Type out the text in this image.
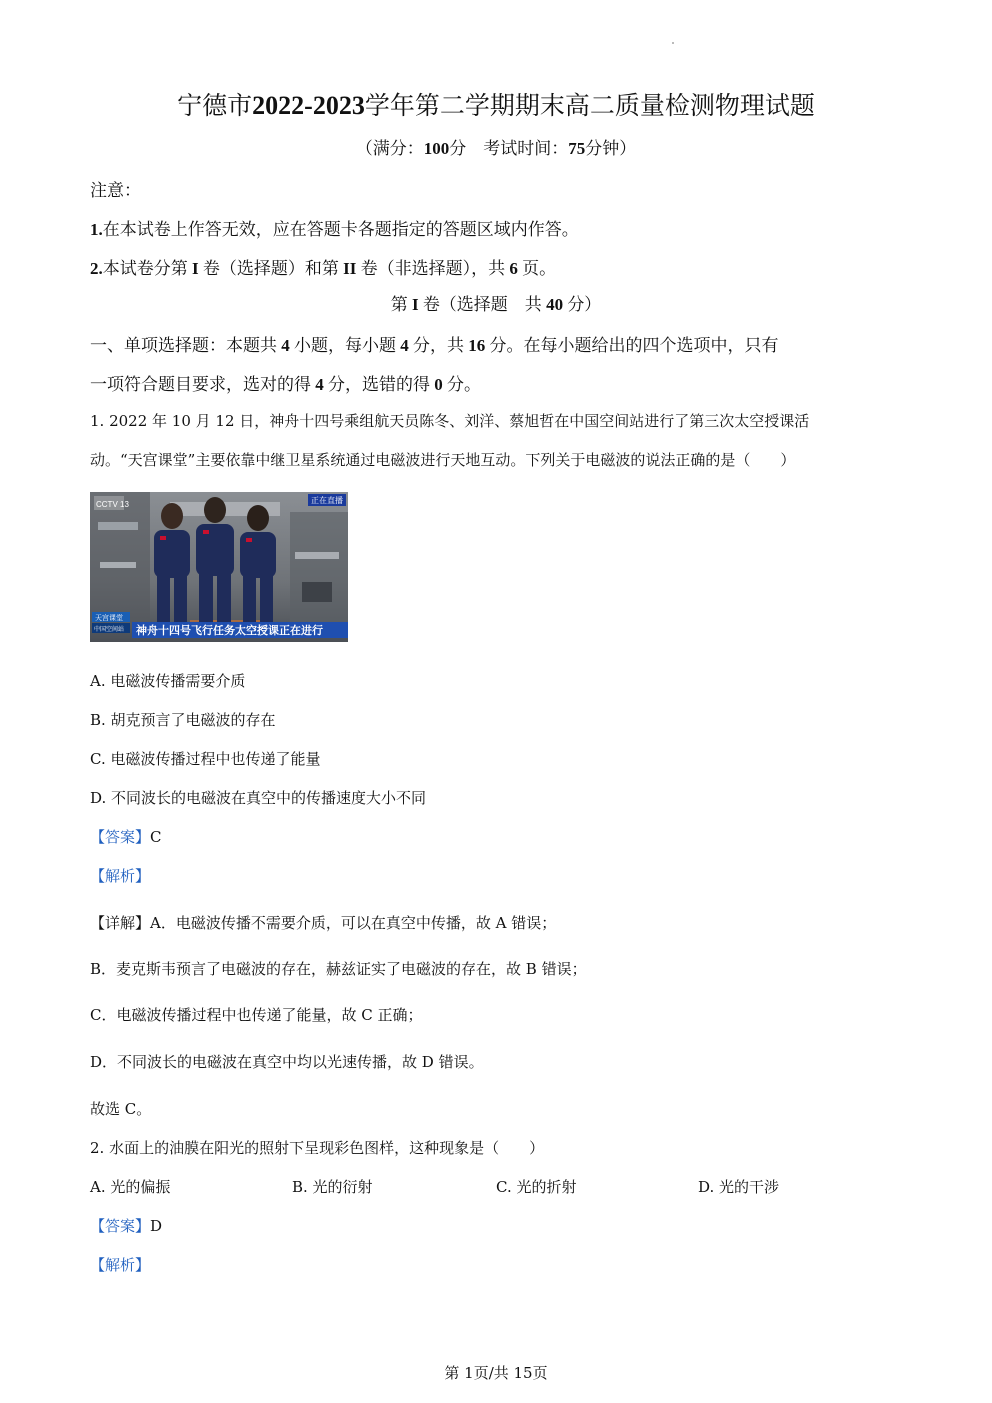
宁德市2022-2023学年第二学期期末高二质量检测物理试题
（满分：100分　考试时间：75分钟）
注意：
1.在本试卷上作答无效，应在答题卡各题指定的答题区域内作答。
2.本试卷分第 I 卷（选择题）和第 II 卷（非选择题），共 6 页。
第 I 卷（选择题　共 40 分）
一、单项选择题：本题共 4 小题，每小题 4 分，共 16 分。在每小题给出的四个选项中，只有
一项符合题目要求，选对的得 4 分，选错的得 0 分。
1. 2022 年 10 月 12 日，神舟十四号乘组航天员陈冬、刘洋、蔡旭哲在中国空间站进行了第三次太空授课活
动。“天宫课堂”主要依靠中继卫星系统通过电磁波进行天地互动。下列关于电磁波的说法正确的是（　　）
CCTV 13	正在直播
天宫课堂
中国空间站 神舟十四号飞行任务太空授课正在进行
A. 电磁波传播需要介质
B. 胡克预言了电磁波的存在
C. 电磁波传播过程中也传递了能量
D. 不同波长的电磁波在真空中的传播速度大小不同
【答案】C
【解析】
【详解】A．电磁波传播不需要介质，可以在真空中传播，故 A 错误；
B．麦克斯韦预言了电磁波的存在，赫兹证实了电磁波的存在，故 B 错误；
C．电磁波传播过程中也传递了能量，故 C 正确；
D．不同波长的电磁波在真空中均以光速传播，故 D 错误。
故选 C。
2. 水面上的油膜在阳光的照射下呈现彩色图样，这种现象是（　　）
A. 光的偏振	B. 光的衍射	C. 光的折射	D. 光的干涉
【答案】D
【解析】
第 1页/共 15页
